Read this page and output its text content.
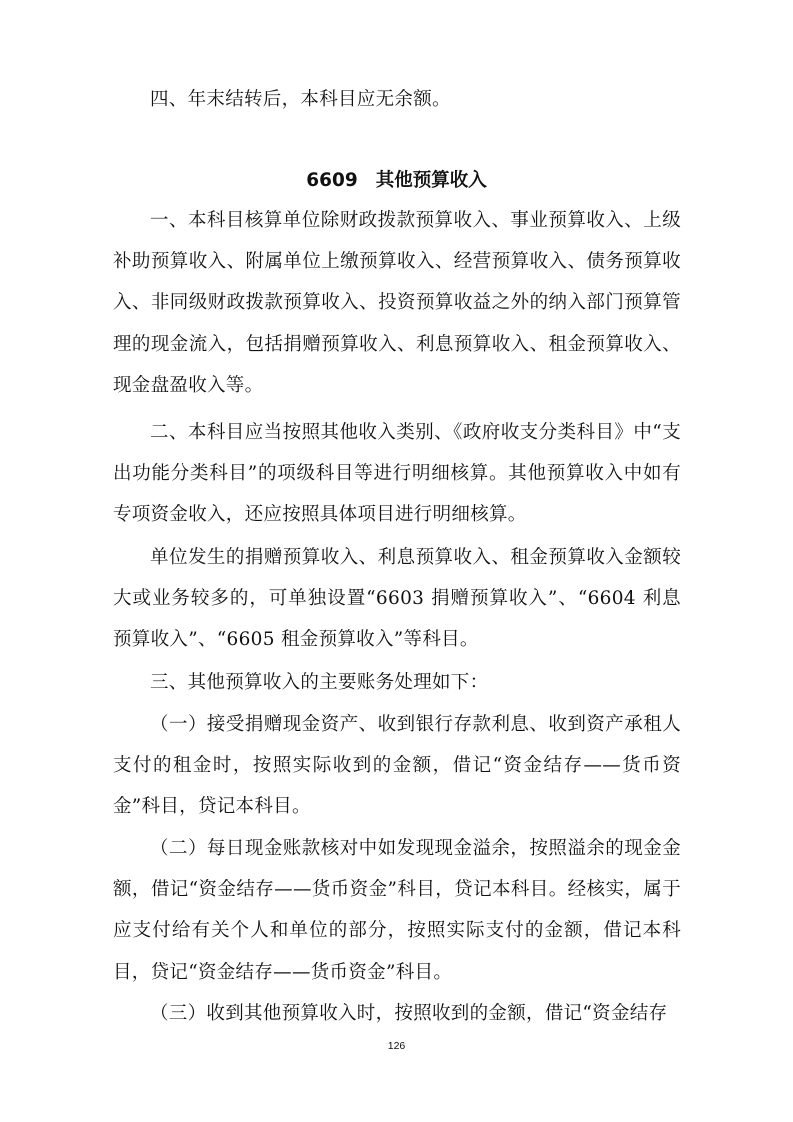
四、年末结转后，本科目应无余额。

6609 其他预算收入

一、本科目核算单位除财政拨款预算收入、事业预算收入、上级补助预算收入、附属单位上缴预算收入、经营预算收入、债务预算收入、非同级财政拨款预算收入、投资预算收益之外的纳入部门预算管理的现金流入，包括捐赠预算收入、利息预算收入、租金预算收入、现金盘盈收入等。

二、本科目应当按照其他收入类别、《政府收支分类科目》中“支出功能分类科目”的项级科目等进行明细核算。其他预算收入中如有专项资金收入，还应按照具体项目进行明细核算。

单位发生的捐赠预算收入、利息预算收入、租金预算收入金额较大或业务较多的，可单独设置“6603 捐赠预算收入”、“6604 利息预算收入”、“6605 租金预算收入”等科目。

三、其他预算收入的主要账务处理如下：

（一）接受捐赠现金资产、收到银行存款利息、收到资产承租人支付的租金时，按照实际收到的金额，借记“资金结存——货币资金”科目，贷记本科目。

（二）每日现金账款核对中如发现现金溢余，按照溢余的现金金额，借记“资金结存——货币资金”科目，贷记本科目。经核实，属于应支付给有关个人和单位的部分，按照实际支付的金额，借记本科目，贷记“资金结存——货币资金”科目。

（三）收到其他预算收入时，按照收到的金额，借记“资金结存

126
